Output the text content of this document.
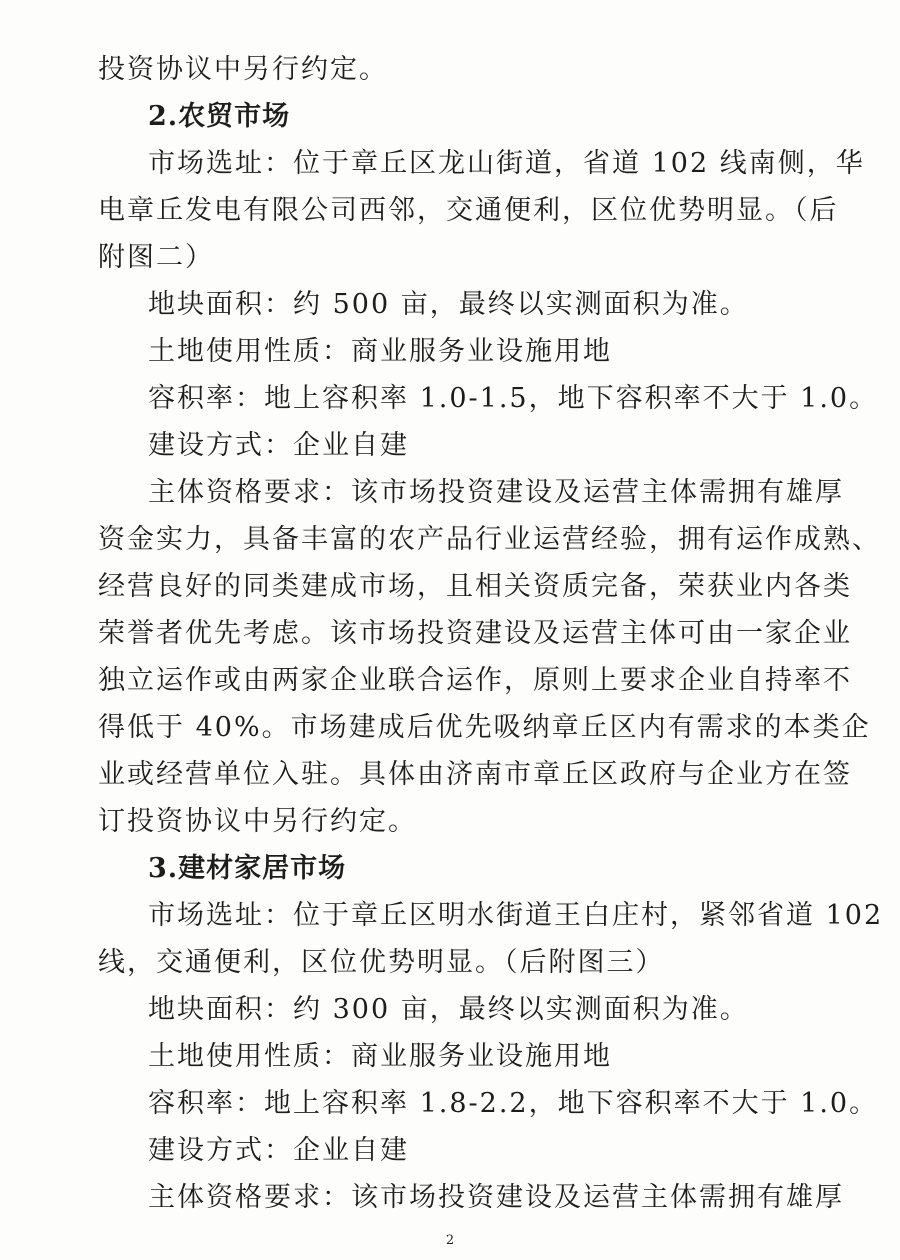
投资协议中另行约定。
2.农贸市场
市场选址：位于章丘区龙山街道，省道 102 线南侧，华
电章丘发电有限公司西邻，交通便利，区位优势明显。（后
附图二）
地块面积：约 500 亩，最终以实测面积为准。
土地使用性质：商业服务业设施用地
容积率：地上容积率 1.0-1.5，地下容积率不大于 1.0。
建设方式：企业自建
主体资格要求：该市场投资建设及运营主体需拥有雄厚
资金实力，具备丰富的农产品行业运营经验，拥有运作成熟、
经营良好的同类建成市场，且相关资质完备，荣获业内各类
荣誉者优先考虑。该市场投资建设及运营主体可由一家企业
独立运作或由两家企业联合运作，原则上要求企业自持率不
得低于 40%。市场建成后优先吸纳章丘区内有需求的本类企
业或经营单位入驻。具体由济南市章丘区政府与企业方在签
订投资协议中另行约定。
3.建材家居市场
市场选址：位于章丘区明水街道王白庄村，紧邻省道 102
线，交通便利，区位优势明显。（后附图三）
地块面积：约 300 亩，最终以实测面积为准。
土地使用性质：商业服务业设施用地
容积率：地上容积率 1.8-2.2，地下容积率不大于 1.0。
建设方式：企业自建
主体资格要求：该市场投资建设及运营主体需拥有雄厚
2
